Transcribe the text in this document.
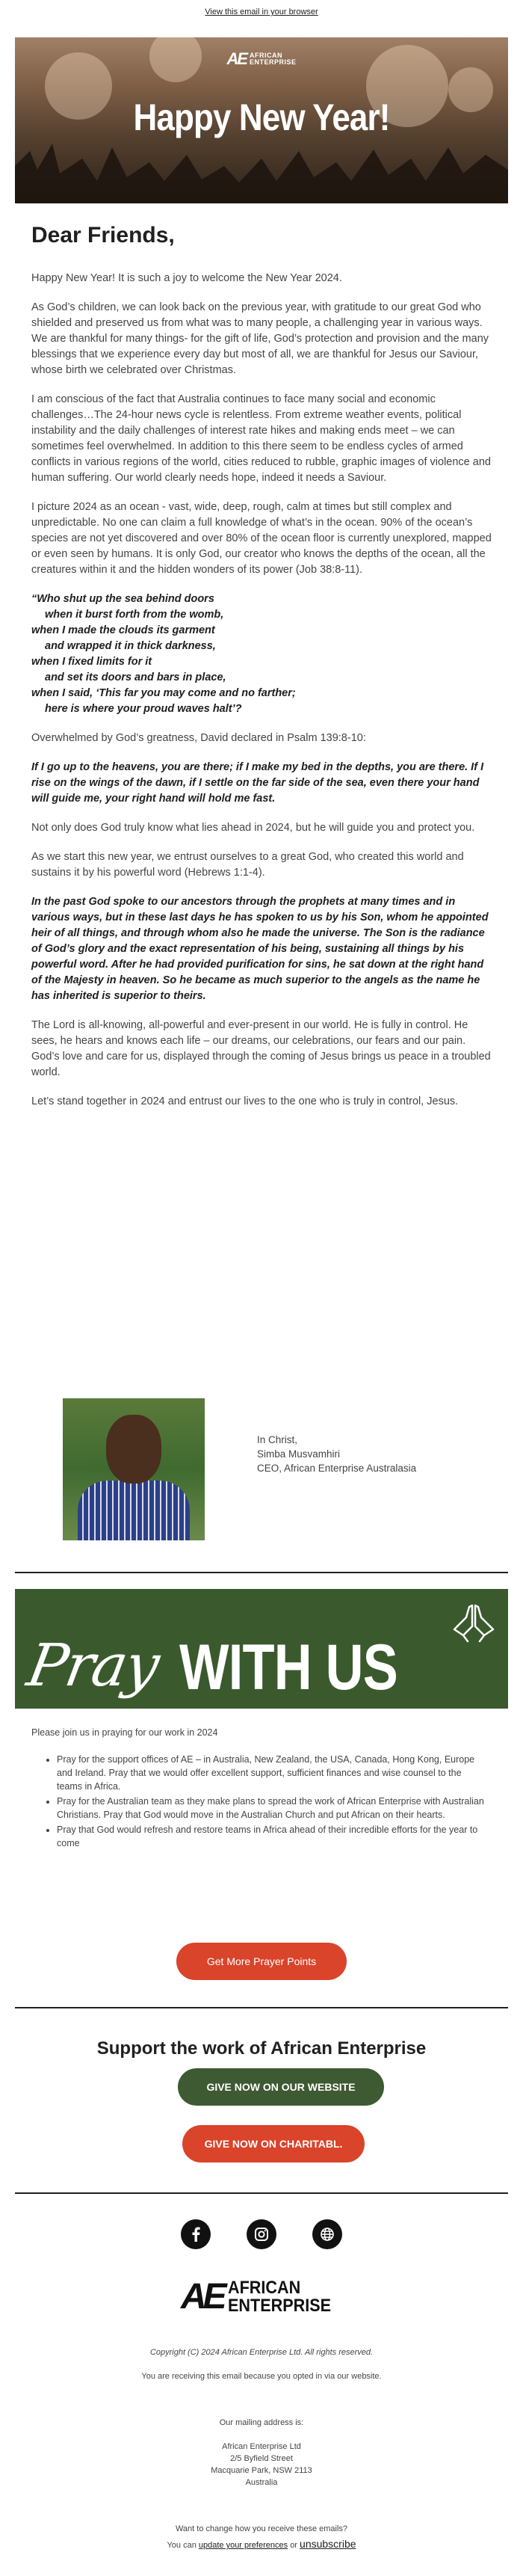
View this email in your browser
AE AFRICAN
ENTERPRISE
Happy New Year!
Dear Friends,

Happy New Year! It is such a joy to welcome the New Year 2024.

As God’s children, we can look back on the previous year, with gratitude to our great God who shielded and preserved us from what was to many people, a challenging year in various ways. We are thankful for many things- for the gift of life, God’s protection and provision and the many blessings that we experience every day but most of all, we are thankful for Jesus our Saviour, whose birth we celebrated over Christmas.

I am conscious of the fact that Australia continues to face many social and economic challenges…The 24-hour news cycle is relentless. From extreme weather events, political instability and the daily challenges of interest rate hikes and making ends meet – we can sometimes feel overwhelmed. In addition to this there seem to be endless cycles of armed conflicts in various regions of the world, cities reduced to rubble, graphic images of violence and human suffering. Our world clearly needs hope, indeed it needs a Saviour.

I picture 2024 as an ocean - vast, wide, deep, rough, calm at times but still complex and unpredictable. No one can claim a full knowledge of what’s in the ocean. 90% of the ocean’s species are not yet discovered and over 80% of the ocean floor is currently unexplored, mapped or even seen by humans. It is only God, our creator who knows the depths of the ocean, all the creatures within it and the hidden wonders of its power (Job 38:8-11).

“Who shut up the sea behind doors
when it burst forth from the womb,
when I made the clouds its garment
and wrapped it in thick darkness,
when I fixed limits for it
and set its doors and bars in place,
when I said, ‘This far you may come and no farther;
here is where your proud waves halt’?

Overwhelmed by God’s greatness, David declared in Psalm 139:8-10:

If I go up to the heavens, you are there; if I make my bed in the depths, you are there. If I rise on the wings of the dawn, if I settle on the far side of the sea, even there your hand will guide me, your right hand will hold me fast.

Not only does God truly know what lies ahead in 2024, but he will guide you and protect you.

As we start this new year, we entrust ourselves to a great God, who created this world and sustains it by his powerful word (Hebrews 1:1-4).

In the past God spoke to our ancestors through the prophets at many times and in various ways, but in these last days he has spoken to us by his Son, whom he appointed heir of all things, and through whom also he made the universe. The Son is the radiance of God’s glory and the exact representation of his being, sustaining all things by his powerful word. After he had provided purification for sins, he sat down at the right hand of the Majesty in heaven. So he became as much superior to the angels as the name he has inherited is superior to theirs.

The Lord is all-knowing, all-powerful and ever-present in our world. He is fully in control. He sees, he hears and knows each life – our dreams, our celebrations, our fears and our pain. God’s love and care for us, displayed through the coming of Jesus brings us peace in a troubled world.

Let’s stand together in 2024 and entrust our lives to the one who is truly in control, Jesus.

In Christ,
Simba Musvamhiri
CEO, African Enterprise Australasia
Pray WITH US
Please join us in praying for our work in 2024
• Pray for the support offices of AE – in Australia, New Zealand, the USA, Canada, Hong Kong, Europe and Ireland. Pray that we would offer excellent support, sufficient finances and wise counsel to the teams in Africa.
• Pray for the Australian team as they make plans to spread the work of African Enterprise with Australian Christians. Pray that God would move in the Australian Church and put African on their hearts.
• Pray that God would refresh and restore teams in Africa ahead of their incredible efforts for the year to come
Get More Prayer Points
Support the work of African Enterprise
GIVE NOW ON OUR WEBSITE
GIVE NOW ON CHARITABL.
AE AFRICAN
ENTERPRISE
Copyright (C) 2024 African Enterprise Ltd. All rights reserved.
You are receiving this email because you opted in via our website.
Our mailing address is:
African Enterprise Ltd
2/5 Byfield Street
Macquarie Park, NSW 2113
Australia
Want to change how you receive these emails?
You can update your preferences or unsubscribe
